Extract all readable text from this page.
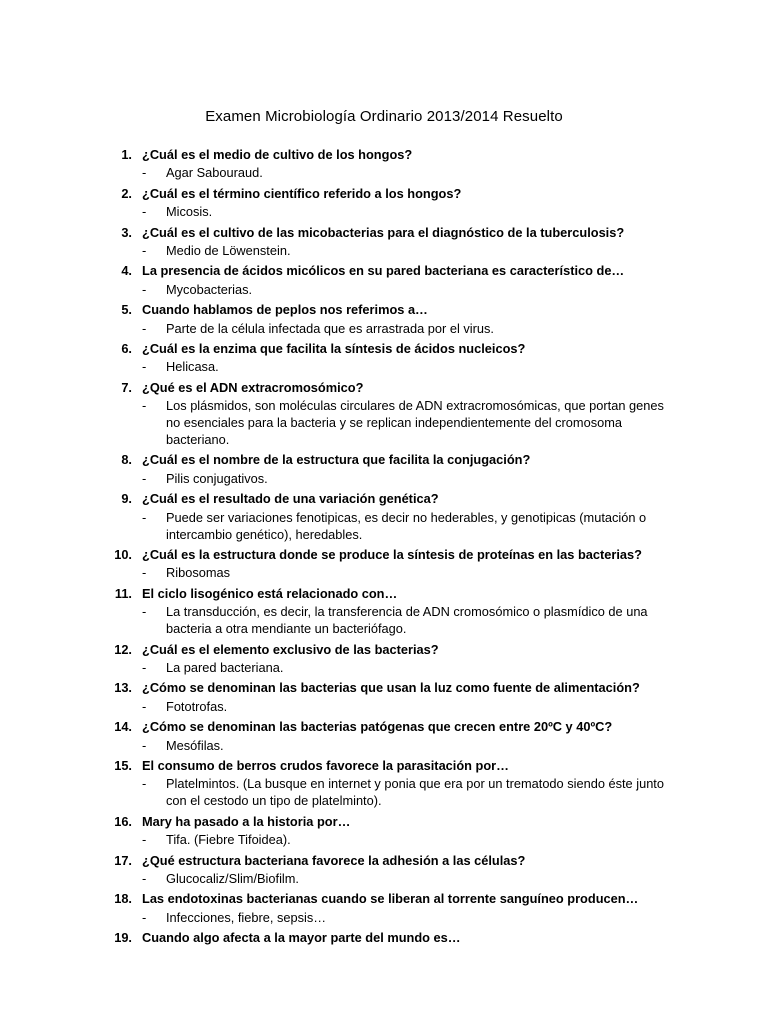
Examen Microbiología Ordinario 2013/2014 Resuelto
1. ¿Cuál es el medio de cultivo de los hongos?
- Agar Sabouraud.
2. ¿Cuál es el término científico referido a los hongos?
- Micosis.
3. ¿Cuál es el cultivo de las micobacterias para el diagnóstico de la tuberculosis?
- Medio de Löwenstein.
4. La presencia de ácidos micólicos en su pared bacteriana es característico de…
- Mycobacterias.
5. Cuando hablamos de peplos nos referimos a…
- Parte de la célula infectada que es arrastrada por el virus.
6. ¿Cuál es la enzima que facilita la síntesis de ácidos nucleicos?
- Helicasa.
7. ¿Qué es el ADN extracromosómico?
- Los plásmidos, son moléculas circulares de ADN extracromosómicas, que portan genes no esenciales para la bacteria y se replican independientemente del cromosoma bacteriano.
8. ¿Cuál es el nombre de la estructura que facilita la conjugación?
- Pilis conjugativos.
9. ¿Cuál es el resultado de una variación genética?
- Puede ser variaciones fenotipicas, es decir no hederables, y genotipicas (mutación o intercambio genético), heredables.
10. ¿Cuál es la estructura donde se produce la síntesis de proteínas en las bacterias?
- Ribosomas
11. El ciclo lisogénico está relacionado con…
- La transducción, es decir, la transferencia de ADN cromosómico o plasmídico de una bacteria a otra mendiante un bacteriófago.
12. ¿Cuál es el elemento exclusivo de las bacterias?
- La pared bacteriana.
13. ¿Cómo se denominan las bacterias que usan la luz como fuente de alimentación?
- Fototrofas.
14. ¿Cómo se denominan las bacterias patógenas que crecen entre 20ºC y 40ºC?
- Mesófilas.
15. El consumo de berros crudos favorece la parasitación por…
- Platelmintos. (La busque en internet y ponia que era por un trematodo siendo éste junto con el cestodo un tipo de platelminto).
16. Mary ha pasado a la historia por…
- Tifa. (Fiebre Tifoidea).
17. ¿Qué estructura bacteriana favorece la adhesión a las células?
- Glucocaliz/Slim/Biofilm.
18. Las endotoxinas bacterianas cuando se liberan al torrente sanguíneo producen…
- Infecciones, fiebre, sepsis…
19. Cuando algo afecta a la mayor parte del mundo es…
